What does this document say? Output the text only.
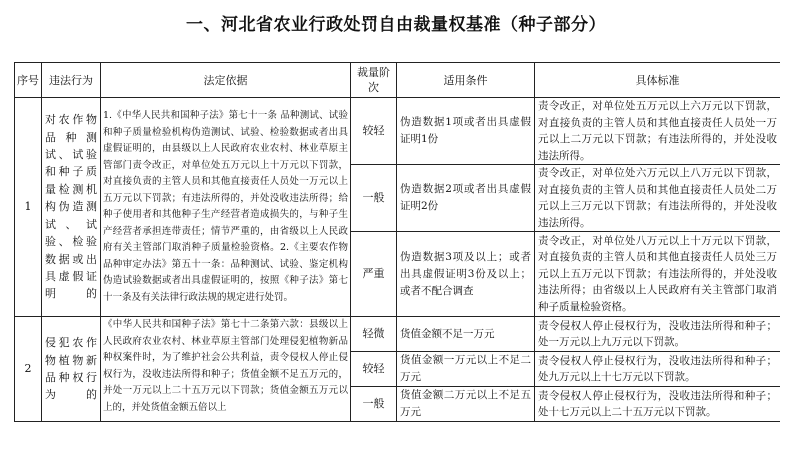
一、河北省农业行政处罚自由裁量权基准（种子部分）
序号	违法行为	法定依据	裁量阶次	适用条件	具体标准
1	对农作物品种测试、试验和种子质量检测机构伪造测试、试验、检验数据或出具虚假证明的	1.《中华人民共和国种子法》第七十一条 品种测试、试验和种子质量检验机构伪造测试、试验、检验数据或者出具虚假证明的，由县级以上人民政府农业农村、林业草原主管部门责令改正，对单位处五万元以上十万元以下罚款，对直接负责的主管人员和其他直接责任人员处一万元以上五万元以下罚款；有违法所得的，并处没收违法所得；给种子使用者和其他种子生产经营者造成损失的，与种子生产经营者承担连带责任；情节严重的，由省级以上人民政府有关主管部门取消种子质量检验资格。2.《主要农作物品种审定办法》第五十一条：品种测试、试验、鉴定机构伪造试验数据或者出具虚假证明的，按照《种子法》第七十一条及有关法律行政法规的规定进行处罚。	较轻	伪造数据1项或者出具虚假证明1份	责令改正，对单位处五万元以上六万元以下罚款，对直接负责的主管人员和其他直接责任人员处一万元以上二万元以下罚款；有违法所得的，并处没收违法所得。
			一般	伪造数据2项或者出具虚假证明2份	责令改正，对单位处六万元以上八万元以下罚款，对直接负责的主管人员和其他直接责任人员处二万元以上三万元以下罚款；有违法所得的，并处没收违法所得。
			严重	伪造数据3项及以上；或者出具虚假证明3份及以上；或者不配合调查	责令改正，对单位处八万元以上十万元以下罚款，对直接负责的主管人员和其他直接责任人员处三万元以上五万元以下罚款；有违法所得的，并处没收违法所得；由省级以上人民政府有关主管部门取消种子质量检验资格。
2	侵犯农作物植物新品种权行为的	《中华人民共和国种子法》第七十二条第六款：县级以上人民政府农业农村、林业草原主管部门处理侵犯植物新品种权案件时，为了维护社会公共利益，责令侵权人停止侵权行为，没收违法所得和种子；货值金额不足五万元的，并处一万元以上二十五万元以下罚款；货值金额五万元以上的，并处货值金额五倍以上	轻微	货值金额不足一万元	责令侵权人停止侵权行为，没收违法所得和种子；处一万元以上九万元以下罚款。
			较轻	货值金额一万元以上不足二万元	责令侵权人停止侵权行为，没收违法所得和种子；处九万元以上十七万元以下罚款。
			一般	货值金额二万元以上不足五万元	责令侵权人停止侵权行为，没收违法所得和种子；处十七万元以上二十五万元以下罚款。
